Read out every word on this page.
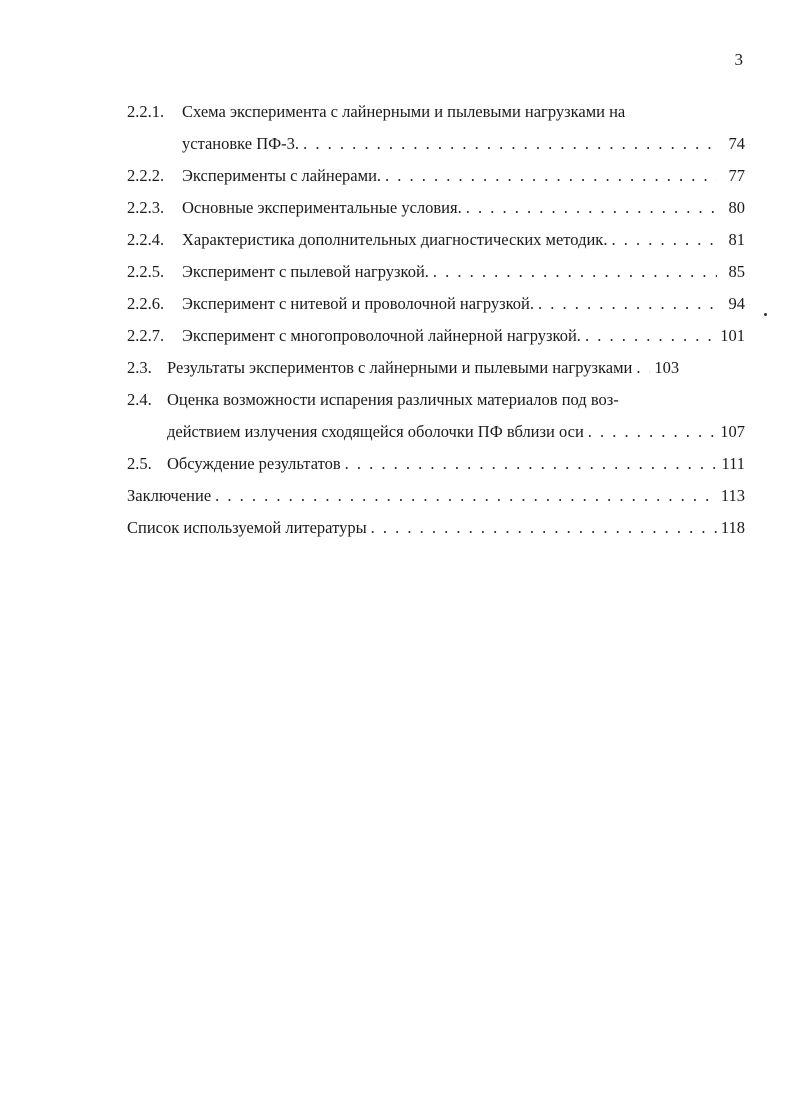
3
2.2.1.	Схема эксперимента с лайнерными и пылевыми нагрузками на
установке ПФ-3. . . .	74
2.2.2.	Эксперименты с лайнерами. . . .	77
2.2.3.	Основные экспериментальные условия. . . .	80
2.2.4.	Характеристика дополнительных диагностических методик. . . .	81
2.2.5.	Эксперимент с пылевой нагрузкой. . . .	85
2.2.6.	Эксперимент с нитевой и проволочной нагрузкой. . . .	94
2.2.7.	Эксперимент с многопроволочной лайнерной нагрузкой. . . .	101
2.3. Результаты экспериментов с лайнерными и пылевыми нагрузками . . . 103
2.4. Оценка возможности испарения различных материалов под воз-
действием излучения сходящейся оболочки ПФ вблизи оси . . .	107
2.5. Обсуждение результатов . . .	111
Заключение . . .	113
Список используемой литературы . . .	118
